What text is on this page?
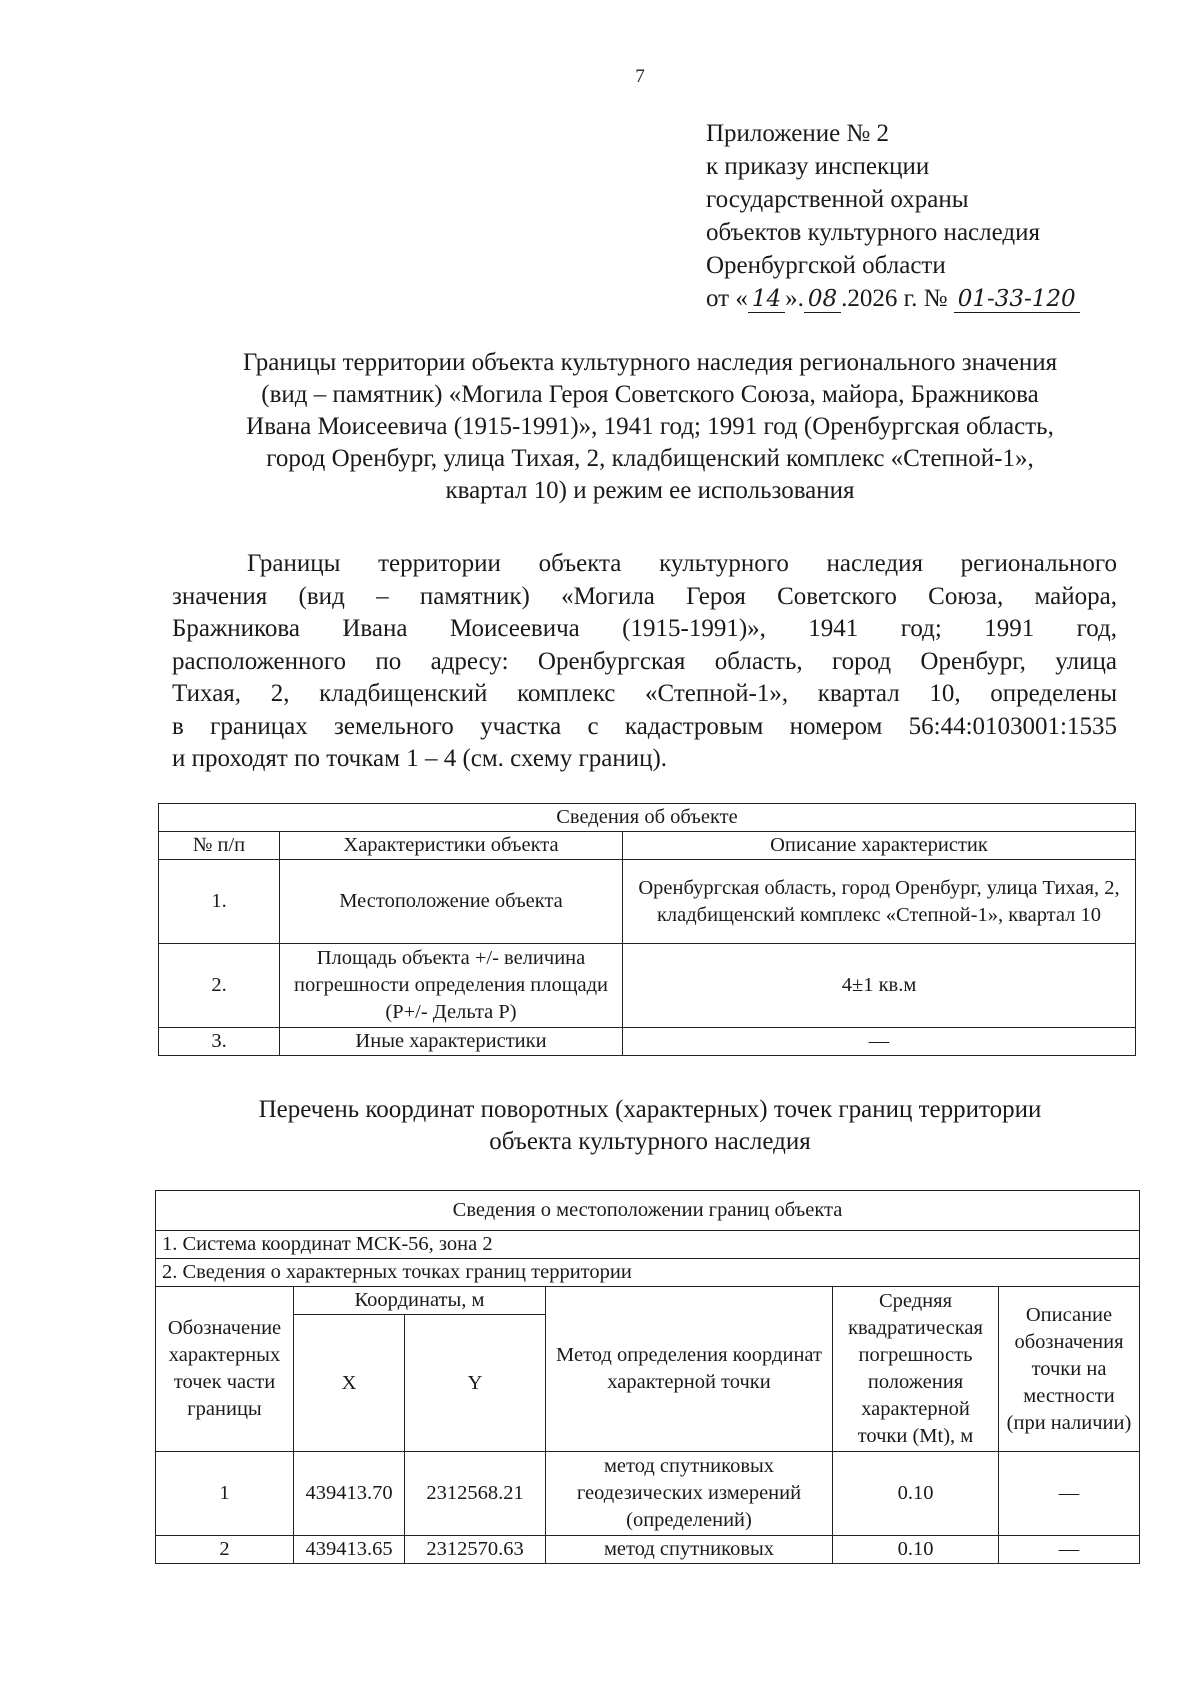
7
Приложение № 2
к приказу инспекции
государственной охраны
объектов культурного наследия
Оренбургской области
от « 14 ». 08 .2026 г. № 01-33-120
Границы территории объекта культурного наследия регионального значения
(вид – памятник) «Могила Героя Советского Союза, майора, Бражникова
Ивана Моисеевича (1915-1991)», 1941 год; 1991 год (Оренбургская область,
город Оренбург, улица Тихая, 2, кладбищенский комплекс «Степной-1»,
квартал 10) и режим ее использования
Границы территории объекта культурного наследия регионального
значения (вид – памятник) «Могила Героя Советского Союза, майора,
Бражникова Ивана Моисеевича (1915-1991)», 1941 год; 1991 год,
расположенного по адресу: Оренбургская область, город Оренбург, улица
Тихая, 2, кладбищенский комплекс «Степной-1», квартал 10, определены
в границах земельного участка с кадастровым номером 56:44:0103001:1535
и проходят по точкам 1 – 4 (см. схему границ).
Сведения об объекте		
№ п/п	Характеристики объекта	Описание характеристик
1.	Местоположение объекта	Оренбургская область, город Оренбург, улица Тихая, 2, кладбищенский комплекс «Степной-1», квартал 10
2.	Площадь объекта +/- величина погрешности определения площади (P+/- Дельта P)	4±1 кв.м
3.	Иные характеристики	—
Перечень координат поворотных (характерных) точек границ территории
объекта культурного наследия
Сведения о местоположении границ объекта					
1. Система координат МСК-56, зона 2					
2. Сведения о характерных точках границ территории					
Обозначение характерных точек части границы	Координаты, м		Метод определения координат характерной точки	Средняя квадратическая погрешность положения характерной точки (Mt), м	Описание обозначения точки на местности (при наличии)
	X	Y			
1	439413.70	2312568.21	метод спутниковых геодезических измерений (определений)	0.10	—
2	439413.65	2312570.63	метод спутниковых	0.10	—
